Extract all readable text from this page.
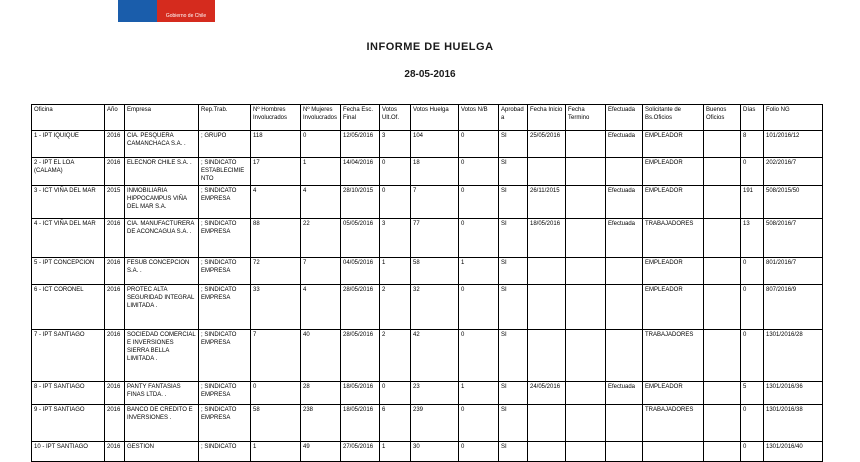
Gobierno de Chile
INFORME DE HUELGA
28-05-2016
Oficina	Año	Empresa	Rep.Trab.	Nº Hombres Involucrados	Nº Mujeres Involucrados	Fecha Esc. Final	Votos Ult.Of.	Votos Huelga	Votos N/B	Aprobada	Fecha Inicio	Fecha Termino	Efectuada	Solicitante de Bs.Oficios	Buenos Oficios	Días	Folio NG
1 - IPT IQUIQUE	2016	CIA. PESQUERA CAMANCHACA S.A. .	; GRUPO	118	0	12/05/2016	3	104	0	SI	25/05/2016		Efectuada	EMPLEADOR		8	101/2016/12
2 - IPT EL LOA (CALAMA)	2016	ELECNOR CHILE S.A. .	; SINDICATO ESTABLECIMIENTO	17	1	14/04/2016	0	18	0	SI				EMPLEADOR		0	202/2016/7
3 - ICT VIÑA DEL MAR	2015	INMOBILIARIA HIPPOCAMPUS VIÑA DEL MAR S.A.	; SINDICATO EMPRESA	4	4	28/10/2015	0	7	0	SI	26/11/2015		Efectuada	EMPLEADOR		191	508/2015/50
4 - ICT VIÑA DEL MAR	2016	CIA. MANUFACTURERA DE ACONCAGUA S.A. .	; SINDICATO EMPRESA	88	22	05/05/2016	3	77	0	SI	18/05/2016		Efectuada	TRABAJADORES		13	508/2016/7
5 - IPT CONCEPCION	2016	FESUB CONCEPCION S.A. .	; SINDICATO EMPRESA	72	7	04/05/2016	1	58	1	SI				EMPLEADOR		0	801/2016/7
6 - ICT CORONEL	2016	PROTEC ALTA SEGURIDAD INTEGRAL LIMITADA .	; SINDICATO EMPRESA	33	4	28/05/2016	2	32	0	SI				EMPLEADOR		0	807/2016/9
7 - IPT SANTIAGO	2016	SOCIEDAD COMERCIAL E INVERSIONES SIERRA BELLA LIMITADA .	; SINDICATO EMPRESA	7	40	28/05/2016	2	42	0	SI				TRABAJADORES		0	1301/2016/28
8 - IPT SANTIAGO	2016	PANTY FANTASIAS FINAS LTDA. .	; SINDICATO EMPRESA	0	28	18/05/2016	0	23	1	SI	24/05/2016		Efectuada	EMPLEADOR		5	1301/2016/36
9 - IPT SANTIAGO	2016	BANCO DE CREDITO E INVERSIONES .	; SINDICATO EMPRESA	58	238	18/05/2016	6	239	0	SI				TRABAJADORES		0	1301/2016/38
10 - IPT SANTIAGO	2016	GESTION	; SINDICATO	1	49	27/05/2016	1	30	0	SI						0	1301/2016/40
